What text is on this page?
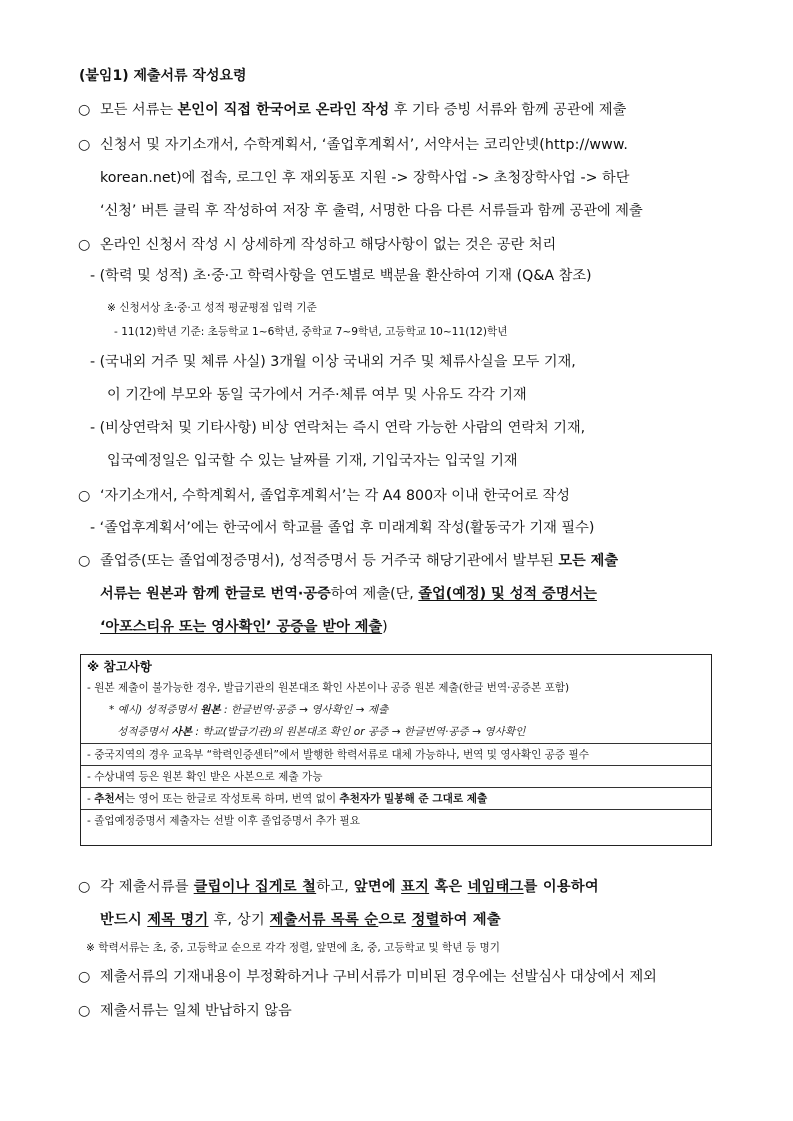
(붙임1) 제출서류 작성요령
○ 모든 서류는 본인이 직접 한국어로 온라인 작성 후 기타 증빙 서류와 함께 공관에 제출
○ 신청서 및 자기소개서, 수학계획서, ‘졸업후계획서’, 서약서는 코리안넷(http://www.
korean.net)에 접속, 로그인 후 재외동포 지원 -> 장학사업 -> 초청장학사업 -> 하단
‘신청’ 버튼 클릭 후 작성하여 저장 후 출력, 서명한 다음 다른 서류들과 함께 공관에 제출
○ 온라인 신청서 작성 시 상세하게 작성하고 해당사항이 없는 것은 공란 처리
- (학력 및 성적) 초·중·고 학력사항을 연도별로 백분율 환산하여 기재 (Q&A 참조)
※ 신청서상 초·중·고 성적 평균평점 입력 기준
- 11(12)학년 기준: 초등학교 1~6학년, 중학교 7~9학년, 고등학교 10~11(12)학년
- (국내외 거주 및 체류 사실) 3개월 이상 국내외 거주 및 체류사실을 모두 기재,
이 기간에 부모와 동일 국가에서 거주·체류 여부 및 사유도 각각 기재
- (비상연락처 및 기타사항) 비상 연락처는 즉시 연락 가능한 사람의 연락처 기재,
입국예정일은 입국할 수 있는 날짜를 기재, 기입국자는 입국일 기재
○ ‘자기소개서, 수학계획서, 졸업후계획서’는 각 A4 800자 이내 한국어로 작성
- ‘졸업후계획서’에는 한국에서 학교를 졸업 후 미래계획 작성(활동국가 기재 필수)
○ 졸업증(또는 졸업예정증명서), 성적증명서 등 거주국 해당기관에서 발부된 모든 제출
서류는 원본과 함께 한글로 번역·공증하여 제출(단, 졸업(예정) 및 성적 증명서는
‘아포스티유 또는 영사확인’ 공증을 받아 제출)
※ 참고사항
- 원본 제출이 불가능한 경우, 발급기관의 원본대조 확인 사본이나 공증 원본 제출(한글 번역·공증본 포함)
* 예시) 성적증명서 원본 : 한글번역·공증 → 영사확인 → 제출
성적증명서 사본 : 학교(발급기관)의 원본대조 확인 or 공증 → 한글번역·공증 → 영사확인
- 중국지역의 경우 교육부 “학력인증센터”에서 발행한 학력서류로 대체 가능하나, 번역 및 영사확인 공증 필수
- 수상내역 등은 원본 확인 받은 사본으로 제출 가능
- 추천서는 영어 또는 한글로 작성토록 하며, 번역 없이 추천자가 밀봉해 준 그대로 제출
- 졸업예정증명서 제출자는 선발 이후 졸업증명서 추가 필요
○ 각 제출서류를 클립이나 집게로 철하고, 앞면에 표지 혹은 네임태그를 이용하여
반드시 제목 명기 후, 상기 제출서류 목록 순으로 정렬하여 제출
※ 학력서류는 초, 중, 고등학교 순으로 각각 정렬, 앞면에 초, 중, 고등학교 및 학년 등 명기
○ 제출서류의 기재내용이 부정확하거나 구비서류가 미비된 경우에는 선발심사 대상에서 제외
○ 제출서류는 일체 반납하지 않음
